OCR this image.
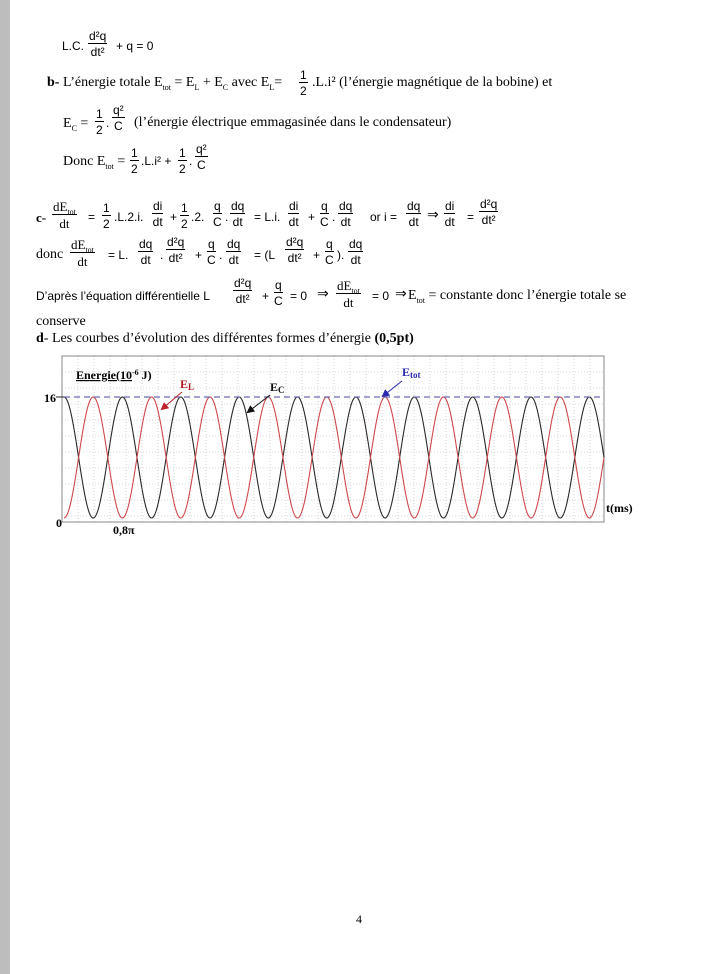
L.C. $\frac{\text{d²q}}{\text{dt²}} + q = 0$
b- L’énergie totale $E_{tot} = E_L + E_C$ avec $E_L= \frac{1}{2} .L.i^2$ (l’énergie magnétique de la bobine) et
$E_C = \frac{1}{2}$ . $\frac{\text{q²}}{C}$ (l’énergie électrique emmagasinée dans le condensateur)
Donc $E_{tot} = \frac{1}{2} .L.i^2 + \frac{1}{2}$ . $\frac{\text{q²}}{C}$
c-
$dE_{tot}$
dt = $\frac{1}{2} .L.2.i$. $\frac{di}{dt} + \frac{1}{2} .2$. $\frac{q}{C}$ . $\frac{dq}{dt} = L.i$. $\frac{di}{dt} + \frac{q}{C}$ . $\frac{dq}{dt}$ or $i = \frac{dq}{dt}$ ⇒ $\frac{di}{dt} = \frac{\text{d²q}}{\text{dt²}}$
donc
$dE_{tot}$
dt = L. $\frac{dq}{dt}$ . $\frac{\text{d²q}}{\text{dt²}} + \frac{q}{C}$ . $\frac{dq}{dt} = (L \frac{\text{d²q}}{\text{dt²}} + \frac{q}{C}$ ). $\frac{dq}{dt}$
D’après l’équation différentielle L $\frac{\text{d²q}}{\text{dt²}} + \frac{q}{C} = 0$ ⇒
$dE_{tot}$
dt = 0 ⇒ $E_{tot}$ = constante donc l’énergie totale se
conserve
d- Les courbes d’évolution des différentes formes d’énergie (0,5pt)
$Energie(10^{-6}$ J)
EL	EC
Etot
16
0	0,8π
t(ms)
4
